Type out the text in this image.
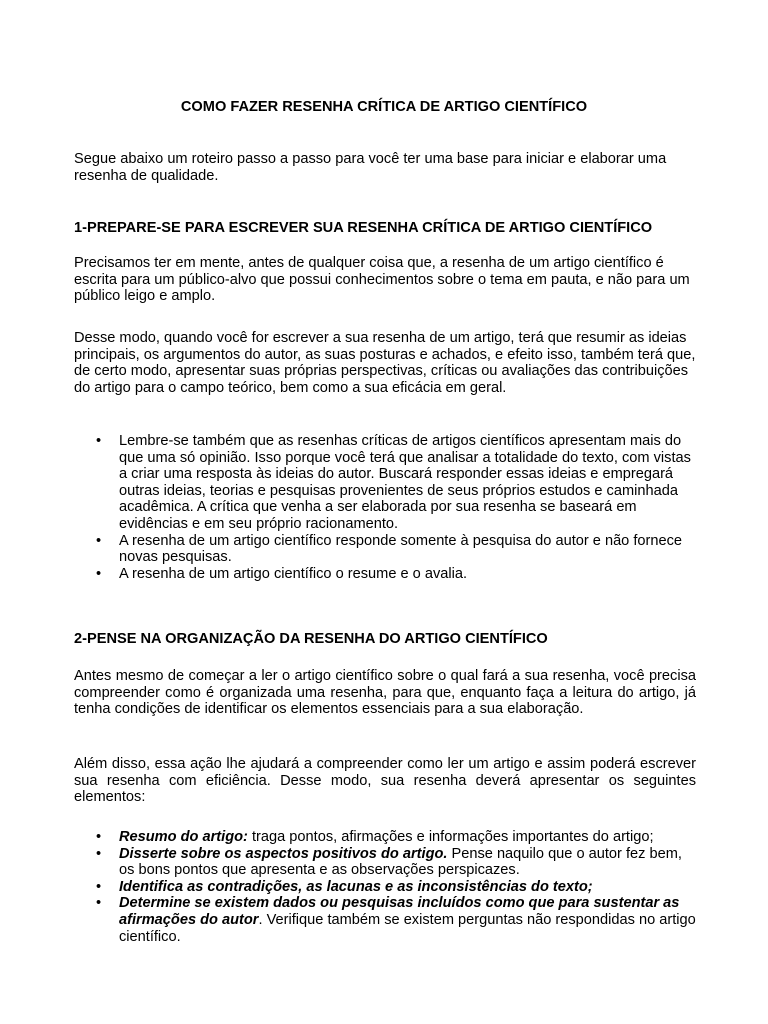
COMO FAZER RESENHA CRÍTICA DE ARTIGO CIENTÍFICO
Segue abaixo um roteiro passo a passo para você ter uma base para iniciar e elaborar uma resenha de qualidade.
1-PREPARE-SE PARA ESCREVER SUA RESENHA CRÍTICA DE ARTIGO CIENTÍFICO
Precisamos ter em mente, antes de qualquer coisa que, a resenha de um artigo científico é escrita para um público-alvo que possui conhecimentos sobre o tema em pauta, e não para um público leigo e amplo.
Desse modo, quando você for escrever a sua resenha de um artigo, terá que resumir as ideias principais, os argumentos do autor, as suas posturas e achados, e efeito isso, também terá que, de certo modo, apresentar suas próprias perspectivas, críticas ou avaliações das contribuições do artigo para o campo teórico, bem como a sua eficácia em geral.
• Lembre-se também que as resenhas críticas de artigos científicos apresentam mais do que uma só opinião. Isso porque você terá que analisar a totalidade do texto, com vistas a criar uma resposta às ideias do autor. Buscará responder essas ideias e empregará outras ideias, teorias e pesquisas provenientes de seus próprios estudos e caminhada acadêmica. A crítica que venha a ser elaborada por sua resenha se baseará em evidências e em seu próprio racionamento.
• A resenha de um artigo científico responde somente à pesquisa do autor e não fornece novas pesquisas.
• A resenha de um artigo científico o resume e o avalia.
2-PENSE NA ORGANIZAÇÃO DA RESENHA DO ARTIGO CIENTÍFICO
Antes mesmo de começar a ler o artigo científico sobre o qual fará a sua resenha, você precisa compreender como é organizada uma resenha, para que, enquanto faça a leitura do artigo, já tenha condições de identificar os elementos essenciais para a sua elaboração.
Além disso, essa ação lhe ajudará a compreender como ler um artigo e assim poderá escrever sua resenha com eficiência. Desse modo, sua resenha deverá apresentar os seguintes elementos:
• Resumo do artigo: traga pontos, afirmações e informações importantes do artigo;
• Disserte sobre os aspectos positivos do artigo. Pense naquilo que o autor fez bem, os bons pontos que apresenta e as observações perspicazes.
• Identifica as contradições, as lacunas e as inconsistências do texto;
• Determine se existem dados ou pesquisas incluídos como que para sustentar as afirmações do autor. Verifique também se existem perguntas não respondidas no artigo científico.
